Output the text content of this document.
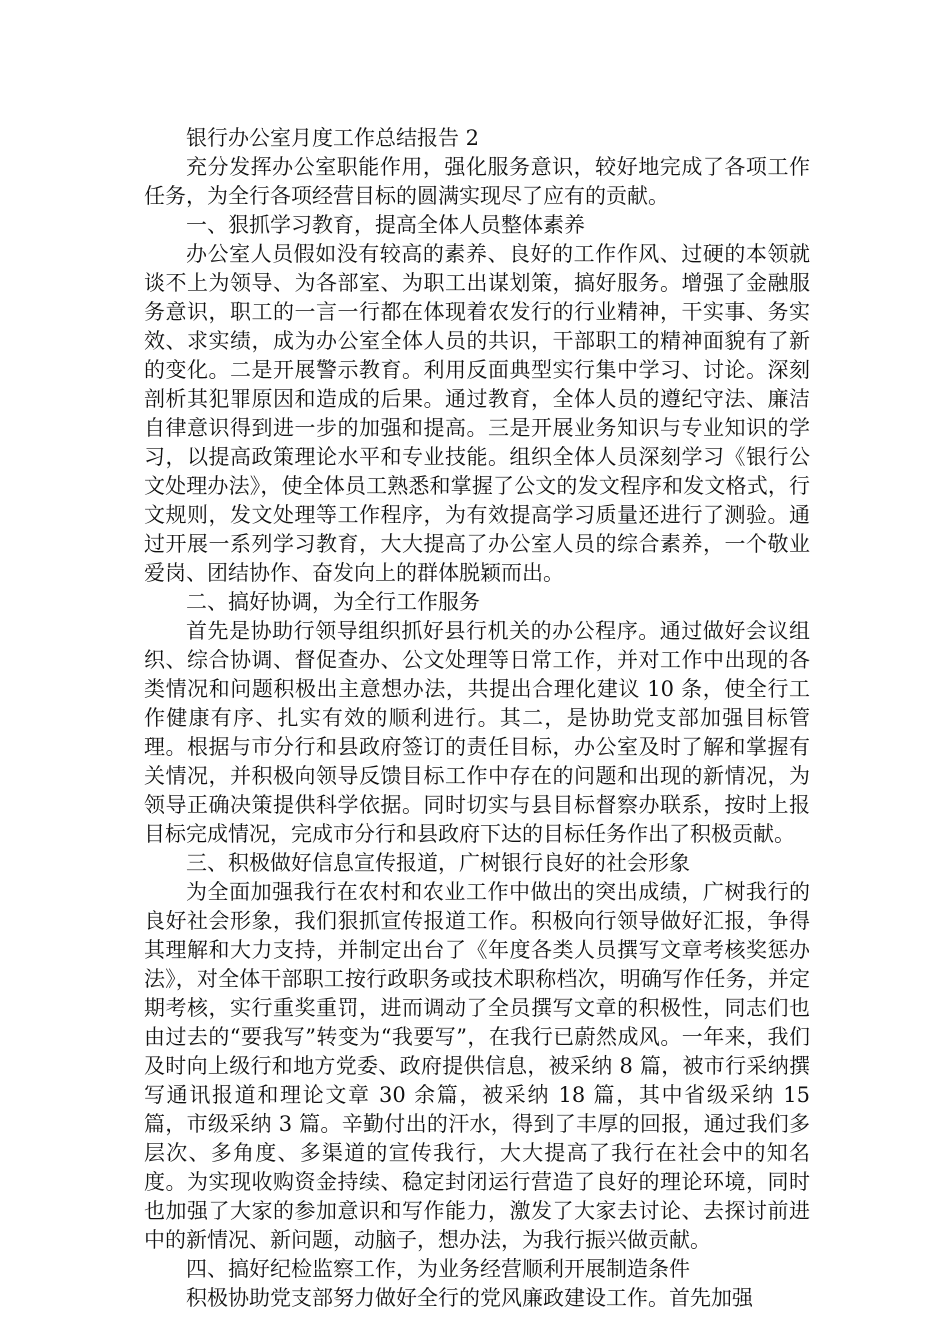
银行办公室月度工作总结报告 2

充分发挥办公室职能作用，强化服务意识，较好地完成了各项工作任务，为全行各项经营目标的圆满实现尽了应有的贡献。

一、狠抓学习教育，提高全体人员整体素养

办公室人员假如没有较高的素养、良好的工作作风、过硬的本领就谈不上为领导、为各部室、为职工出谋划策，搞好服务。增强了金融服务意识，职工的一言一行都在体现着农发行的行业精神，干实事、务实效、求实绩，成为办公室全体人员的共识，干部职工的精神面貌有了新的变化。二是开展警示教育。利用反面典型实行集中学习、讨论。深刻剖析其犯罪原因和造成的后果。通过教育，全体人员的遵纪守法、廉洁自律意识得到进一步的加强和提高。三是开展业务知识与专业知识的学习，以提高政策理论水平和专业技能。组织全体人员深刻学习《银行公文处理办法》，使全体员工熟悉和掌握了公文的发文程序和发文格式，行文规则，发文处理等工作程序，为有效提高学习质量还进行了测验。通过开展一系列学习教育，大大提高了办公室人员的综合素养，一个敬业爱岗、团结协作、奋发向上的群体脱颖而出。

二、搞好协调，为全行工作服务

首先是协助行领导组织抓好县行机关的办公程序。通过做好会议组织、综合协调、督促查办、公文处理等日常工作，并对工作中出现的各类情况和问题积极出主意想办法，共提出合理化建议 10 条，使全行工作健康有序、扎实有效的顺利进行。其二，是协助党支部加强目标管理。根据与市分行和县政府签订的责任目标，办公室及时了解和掌握有关情况，并积极向领导反馈目标工作中存在的问题和出现的新情况，为领导正确决策提供科学依据。同时切实与县目标督察办联系，按时上报目标完成情况，完成市分行和县政府下达的目标任务作出了积极贡献。

三、积极做好信息宣传报道，广树银行良好的社会形象

为全面加强我行在农村和农业工作中做出的突出成绩，广树我行的良好社会形象，我们狠抓宣传报道工作。积极向行领导做好汇报，争得其理解和大力支持，并制定出台了《年度各类人员撰写文章考核奖惩办法》，对全体干部职工按行政职务或技术职称档次，明确写作任务，并定期考核，实行重奖重罚，进而调动了全员撰写文章的积极性，同志们也由过去的“要我写”转变为“我要写”，在我行已蔚然成风。一年来，我们及时向上级行和地方党委、政府提供信息，被采纳 8 篇，被市行采纳撰写通讯报道和理论文章 30 余篇，被采纳 18 篇，其中省级采纳 15 篇，市级采纳 3 篇。辛勤付出的汗水，得到了丰厚的回报，通过我们多层次、多角度、多渠道的宣传我行，大大提高了我行在社会中的知名度。为实现收购资金持续、稳定封闭运行营造了良好的理论环境，同时也加强了大家的参加意识和写作能力，激发了大家去讨论、去探讨前进中的新情况、新问题，动脑子，想办法，为我行振兴做贡献。

四、搞好纪检监察工作，为业务经营顺利开展制造条件

积极协助党支部努力做好全行的党风廉政建设工作。首先加强
